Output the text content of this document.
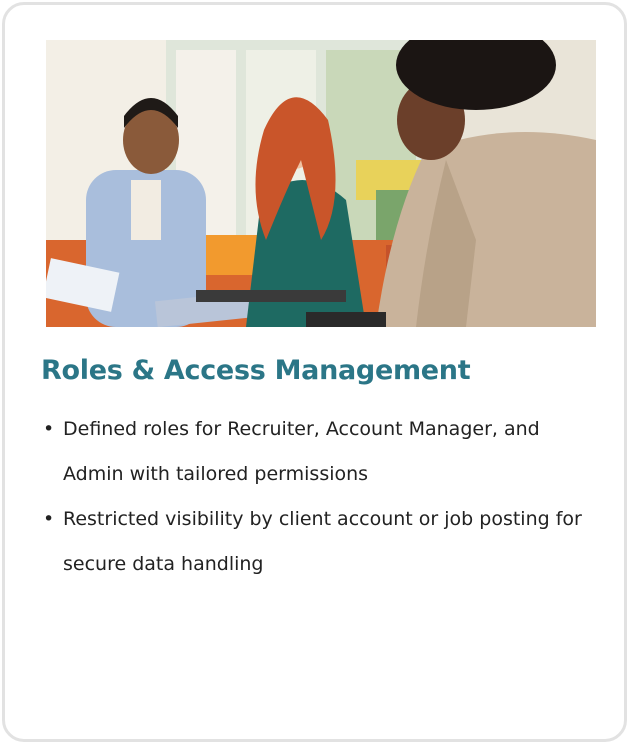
Roles & Access Management
• Defined roles for Recruiter, Account Manager, and Admin with tailored permissions
• Restricted visibility by client account or job posting for secure data handling
